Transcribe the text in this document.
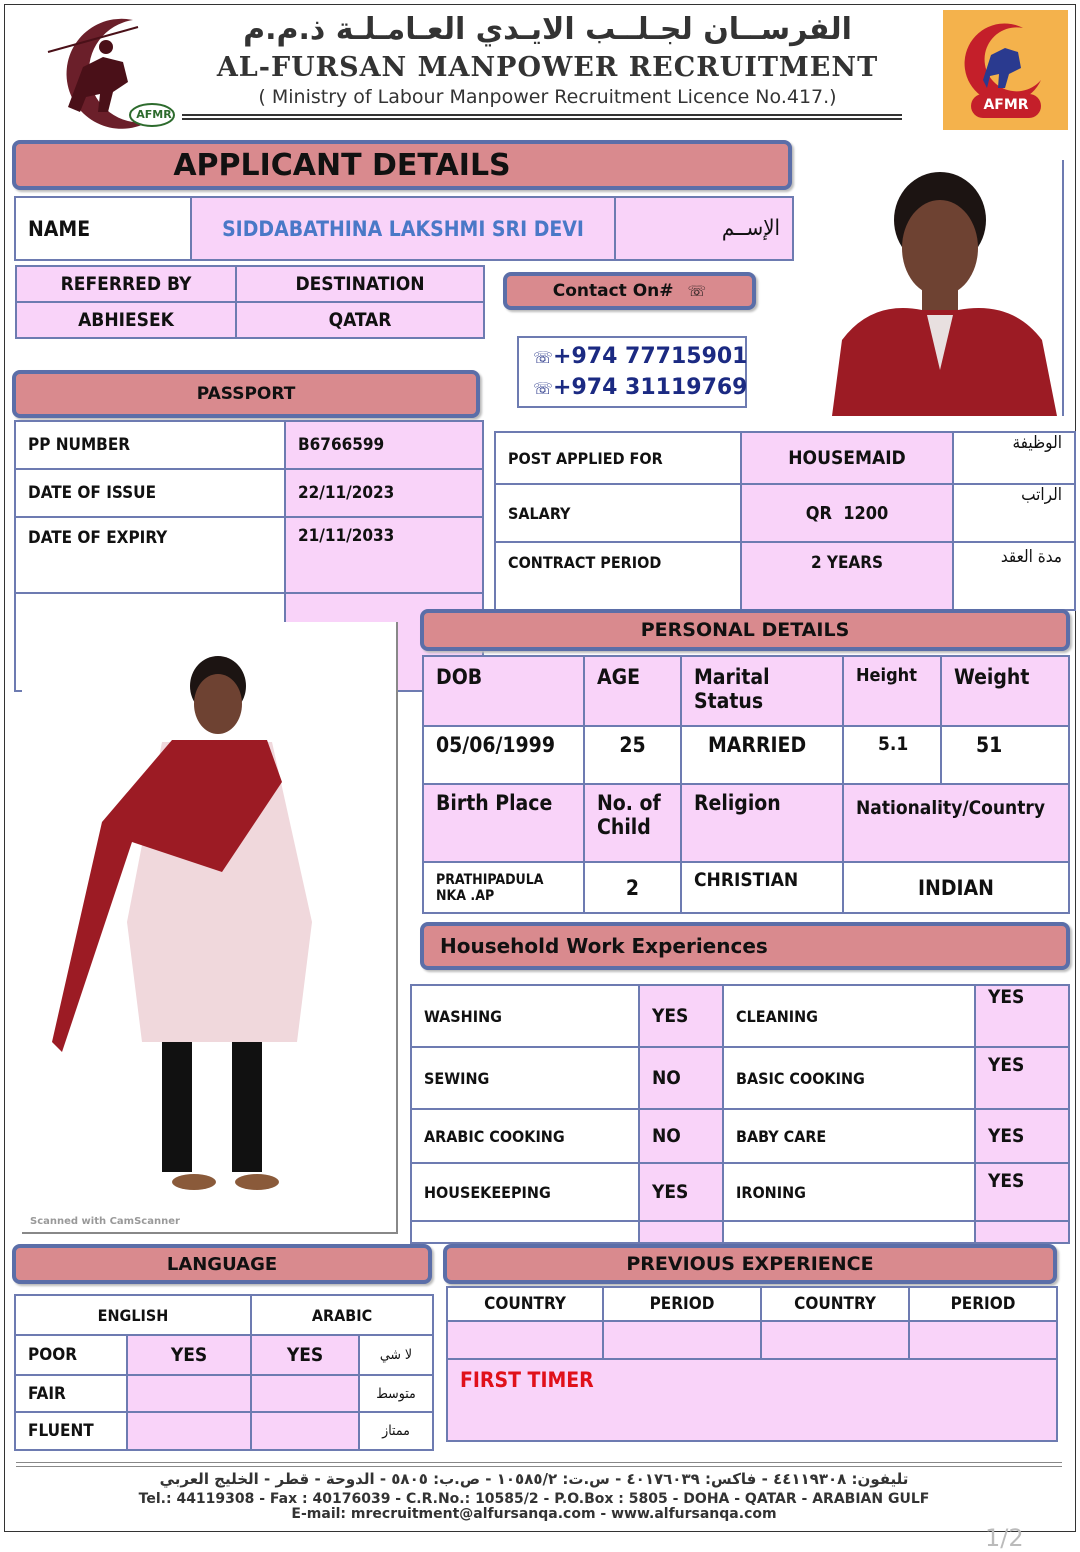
AFMR
الفرســان لجـلــب الايـدي العـامـلـة ذ.م.م
AL-FURSAN MANPOWER RECRUITMENT
( Ministry of Labour Manpower Recruitment Licence No.417.)	AFMR
APPLICANT DETAILS
NAME	SIDDABATHINA LAKSHMI SRI DEVI	الإســم
REFERRED BY	DESTINATION
ABHIESEK	QATAR
Contact On# ☏
☏+974 77715901
☏+974 31119769
PASSPORT
PP NUMBER	B6766599
DATE OF ISSUE	22/11/2023
DATE OF EXPIRY	21/11/2033

POST APPLIED FOR	HOUSEMAID	الوظيفة
SALARY	QR  1200	الراتب
CONTRACT PERIOD	2 YEARS	مدة العقد
Scanned with CamScanner
PERSONAL DETAILS
DOB	AGE	Marital Status	Height	Weight
05/06/1999	25	MARRIED	5.1	51
Birth Place	No. of Child	Religion	Nationality/Country	
PRATHIPADULA NKA .AP	2	CHRISTIAN	INDIAN	
Household Work Experiences
WASHING	YES	CLEANING	YES
SEWING	NO	BASIC COOKING	YES
ARABIC COOKING	NO	BABY CARE	YES
HOUSEKEEPING	YES	IRONING	YES

LANGUAGE
ENGLISH		ARABIC	
POOR	YES	YES	لا شي
FAIR			متوسط
FLUENT			ممتاز
PREVIOUS EXPERIENCE
COUNTRY	PERIOD	COUNTRY	PERIOD

FIRST TIMER			
تليفون: ٤٤١١٩٣٠٨ - فاكس: ٤٠١٧٦٠٣٩ - س.ت: ١٠٥٨٥/٢ - ص.ب: ٥٨٠٥ - الدوحة - قطر - الخليج العربي
Tel.: 44119308 - Fax : 40176039 - C.R.No.: 10585/2 - P.O.Box : 5805 - DOHA - QATAR - ARABIAN GULF
E-mail: mrecruitment@alfursanqa.com - www.alfursanqa.com
1/2
